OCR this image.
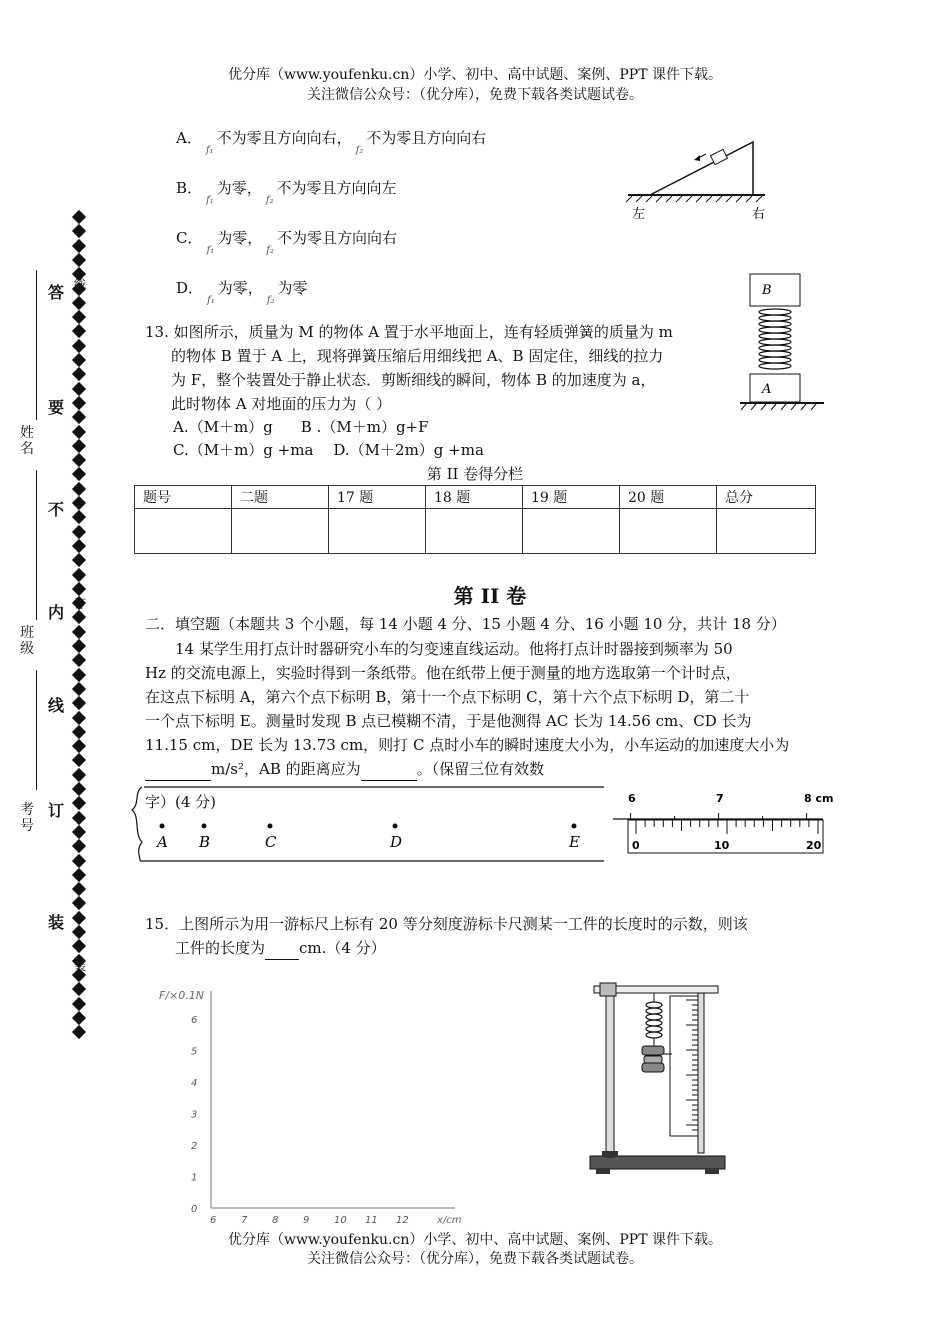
优分库（www.youfenku.cn）小学、初中、高中试题、案例、PPT 课件下载。
关注微信公众号：（优分库），免费下载各类试题试卷。
答
要
不
内
线
订
装
姓名
班级
考号
线
订
装
A．$_{f_1}$不为零且方向向右，$_{f_2}$不为零且方向向右
B．$_{f_1}$为零，$_{f_2}$不为零且方向向左
C．$_{f_1}$为零，$_{f_2}$不为零且方向向右
D．$_{f_1}$为零，$_{f_2}$为零
左	右
B
A
13. 如图所示，质量为 M 的物体 A 置于水平地面上，连有轻质弹簧的质量为 m
的物体 B 置于 A 上，现将弹簧压缩后用细线把 A、B 固定住，细线的拉力
为 F，整个装置处于静止状态．剪断细线的瞬间，物体 B 的加速度为 a，
此时物体 A 对地面的压力为（ ）
A.（M＋m）g B .（M＋m）g+F
C.（M＋m）g +ma D.（M＋2m）g +ma
第 II 卷得分栏
题号	二题	17 题	18 题	19 题	20 题	总分

第 II 卷
二．填空题（本题共 3 个小题，每 14 小题 4 分、15 小题 4 分、16 小题 10 分，共计 18 分）
14 某学生用打点计时器研究小车的匀变速直线运动。他将打点计时器接到频率为 50
Hz 的交流电源上，实验时得到一条纸带。他在纸带上便于测量的地方选取第一个计时点，
在这点下标明 A，第六个点下标明 B，第十一个点下标明 C，第十六个点下标明 D，第二十
一个点下标明 E。测量时发现 B 点已模糊不清，于是他测得 AC 长为 14.56 cm、CD 长为
11.15 cm，DE 长为 13.73 cm，则打 C 点时小车的瞬时速度大小为，小车运动的加速度大小为
m/s²，AB 的距离应为	。（保留三位有效数
A B	C	D	E
字）(4 分)	6	7	8 cm
0	10	20
15．上图所示为用一游标尺上标有 20 等分刻度游标卡尺测某一工件的长度时的示数，则该
工件的长度为 cm.（4 分）
F/×0.1N
x/cm
0
1
2
3
4
5
6
6 7 8 9 10 11 12
优分库（www.youfenku.cn）小学、初中、高中试题、案例、PPT 课件下载。
关注微信公众号：（优分库），免费下载各类试题试卷。
